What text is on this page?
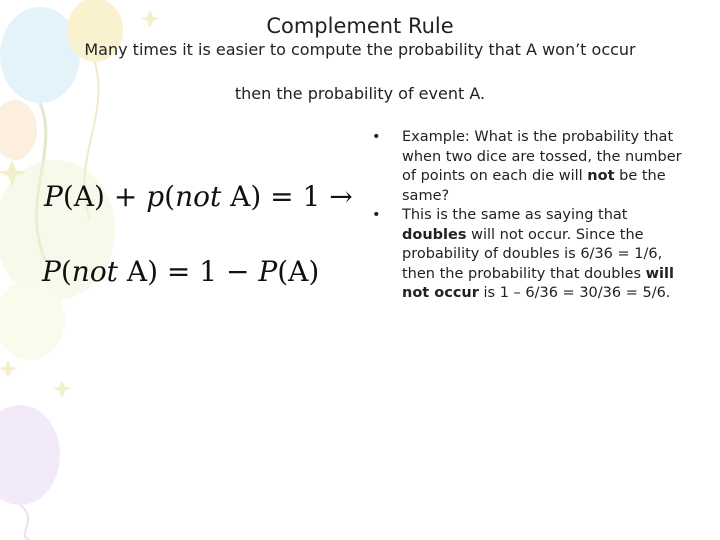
Complement Rule
Many times it is easier to compute the probability that A won’t occur
then the probability of event A.
P(A) + p(not A) = 1 →
P(not A) = 1 − P(A)
•	Example: What is the probability that when two dice are tossed, the number of points on each die will not be the same?
•	This is the same as saying that doubles will not occur. Since the probability of doubles is 6/36 = 1/6, then the probability that doubles will not occur is 1 – 6/36 = 30/36 = 5/6.
